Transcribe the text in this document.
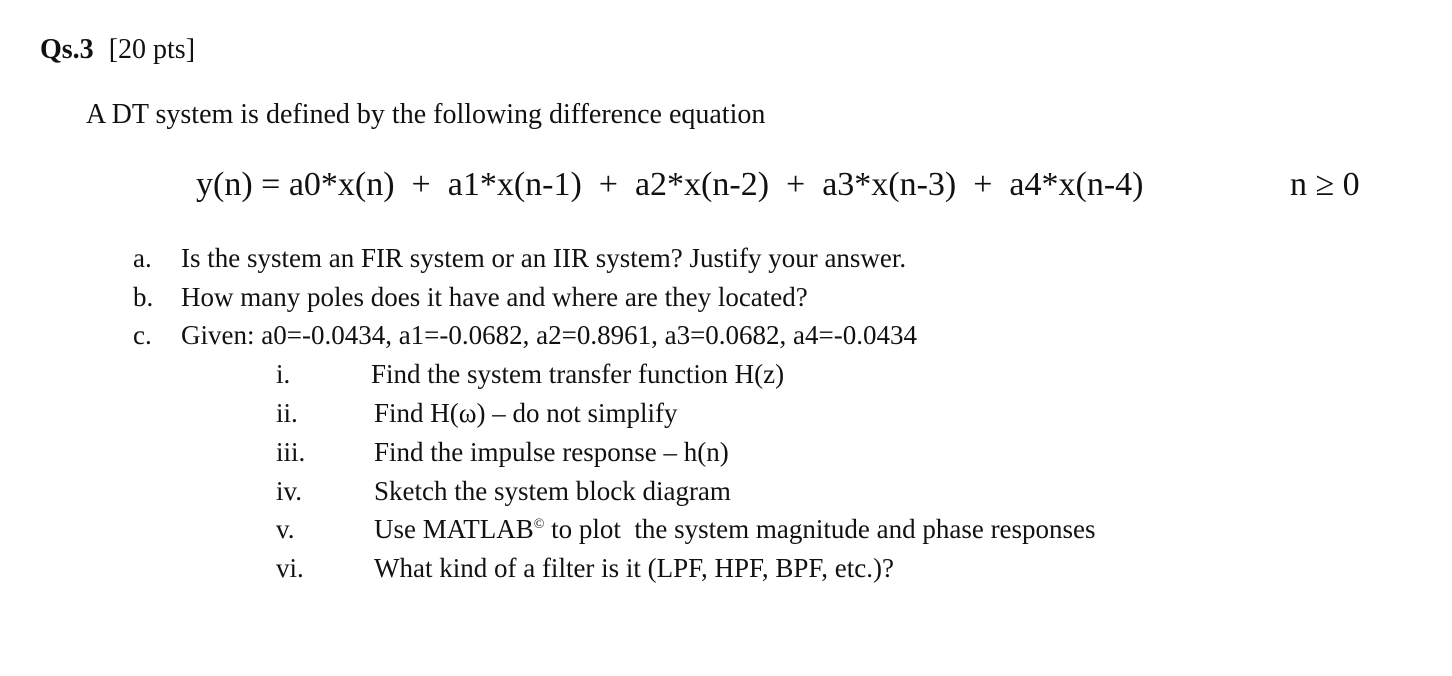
Qs.3 [20 pts]
A DT system is defined by the following difference equation
y(n) = a0*x(n)  +  a1*x(n-1)  +  a2*x(n-2)  +  a3*x(n-3)  +  a4*x(n-4)	n ≥ 0
a. Is the system an FIR system or an IIR system? Justify your answer.
b. How many poles does it have and where are they located?
c. Given: a0=-0.0434, a1=-0.0682, a2=0.8961, a3=0.0682, a4=-0.0434
i.	Find the system transfer function H(z)
ii.	Find H(ω) – do not simplify
iii.	Find the impulse response – h(n)
iv.	Sketch the system block diagram
v.	Use MATLAB© to plot  the system magnitude and phase responses
vi.	What kind of a filter is it (LPF, HPF, BPF, etc.)?
